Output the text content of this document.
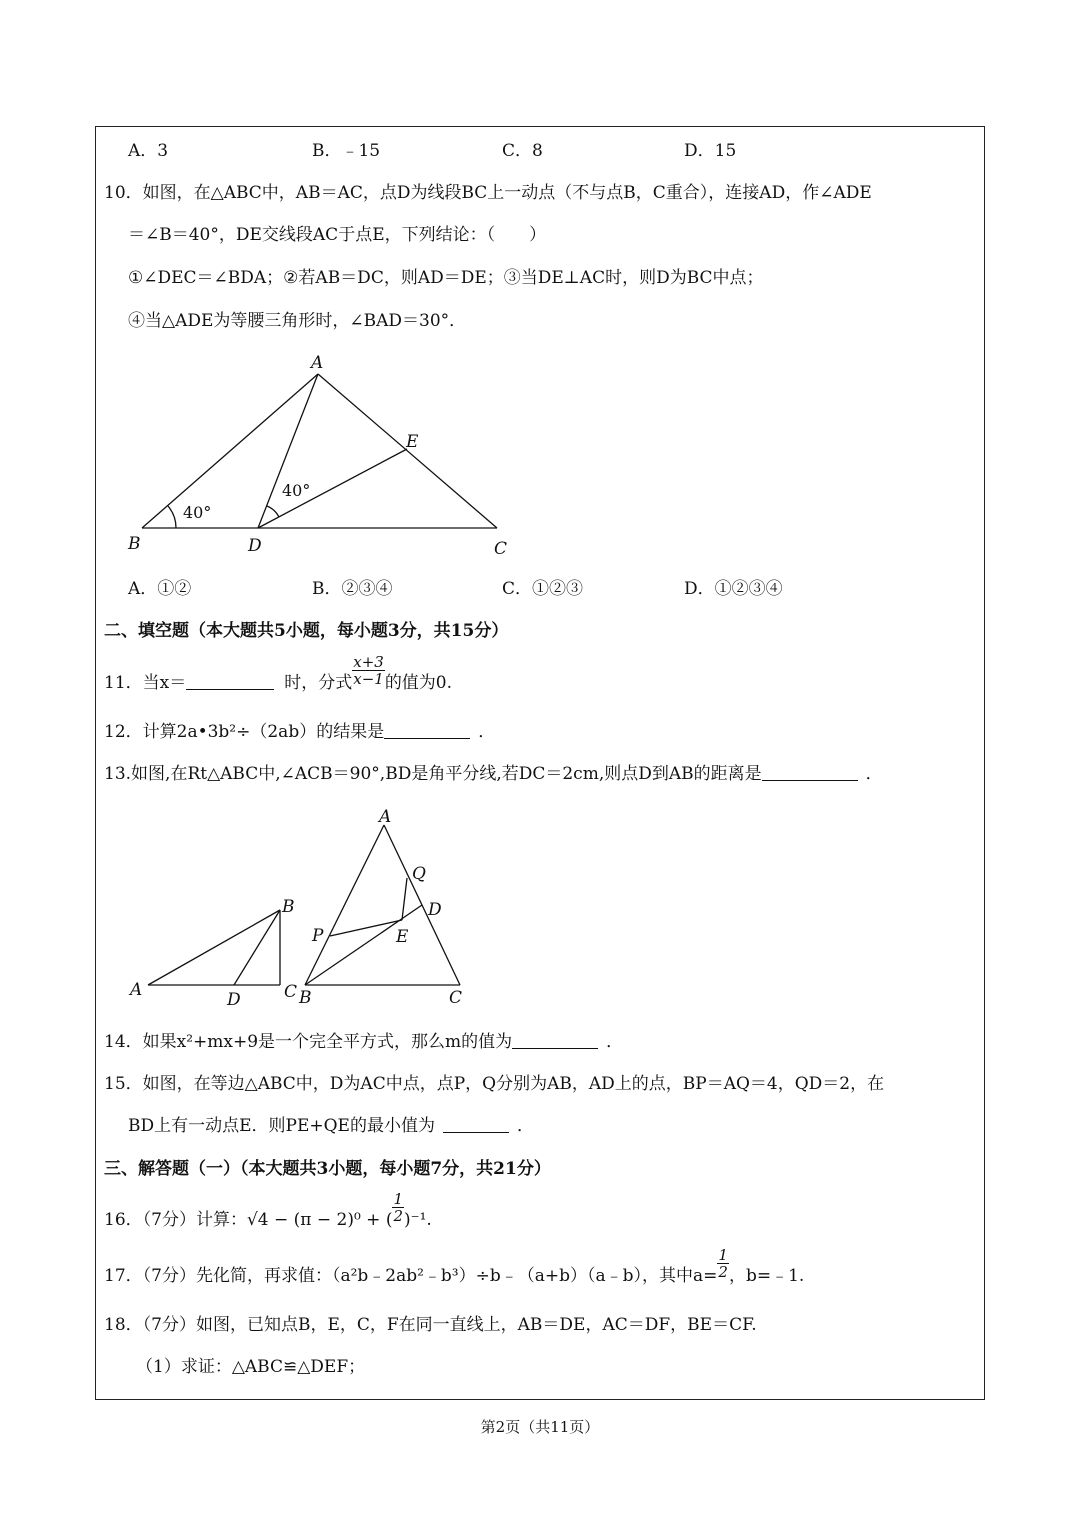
A．3	B．﹣15	C．8	D．15
10．如图，在△ABC中，AB＝AC，点D为线段BC上一动点（不与点B，C重合），连接AD，作∠ADE
＝∠B＝40°，DE交线段AC于点E，下列结论：（　　）
①∠DEC＝∠BDA；②若AB＝DC，则AD＝DE；③当DE⊥AC时，则D为BC中点；
④当△ADE为等腰三角形时，∠BAD＝30°．
A
B	D	C
E
40°
40°
A．①②	B．②③④	C．①②③	D．①②③④
二、填空题（本大题共5小题，每小题3分，共15分）
11．当x＝	时，分式 $\frac{x+3}{x-1}$ 的值为0.
12．计算2a•3b²÷（2ab）的结果是	．
13.如图,在Rt△ABC中,∠ACB＝90°,BD是角平分线,若DC＝2cm,则点D到AB的距离是	．
A
B
D	C
A
Q
D
P	E
B	C
14．如果x²+mx+9是一个完全平方式，那么m的值为	．
15．如图，在等边△ABC中，D为AC中点，点P，Q分别为AB，AD上的点，BP＝AQ＝4，QD＝2，在
BD上有一动点E．则PE+QE的最小值为	．
三、解答题（一）（本大题共3小题，每小题7分，共21分）
16．（7分）计算：√4 − (π − 2)⁰ + ( $\frac{1}{2} )^{-1}$.
17．（7分）先化简，再求值：（a²b﹣2ab²﹣b³）÷b﹣（a+b）（a﹣b），其中$a= \frac{1}{2}$ ，b=﹣1.
18．（7分）如图，已知点B，E，C，F在同一直线上，AB＝DE，AC＝DF，BE＝CF.
（1）求证：△ABC≌△DEF；
第2页（共11页）
